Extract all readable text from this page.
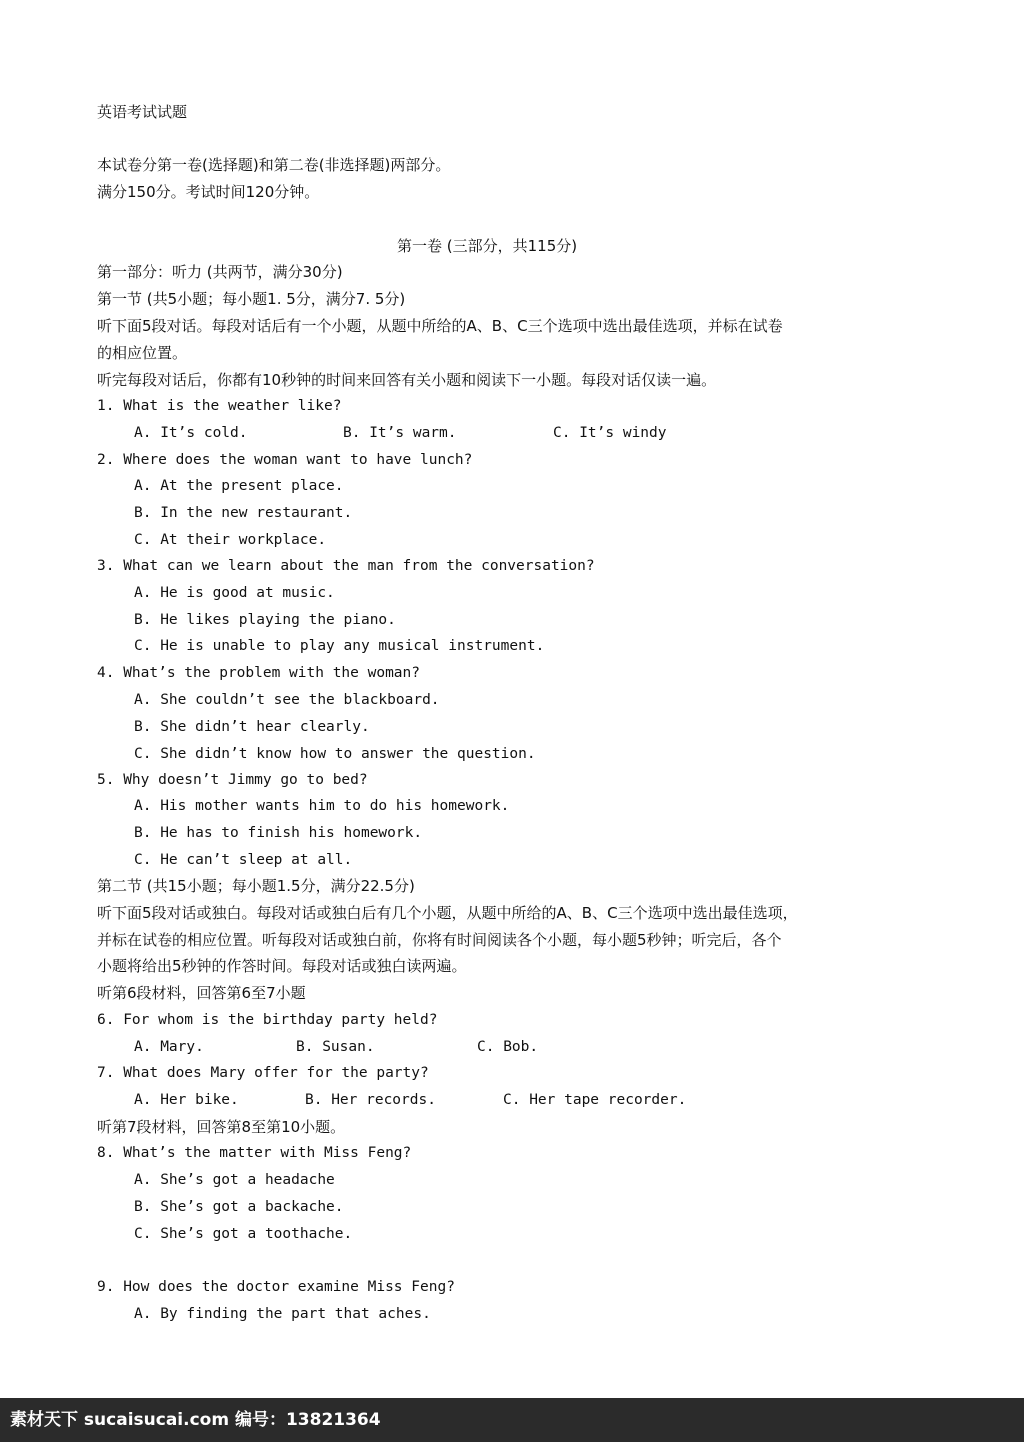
英语考试试题
本试卷分第一卷(选择题)和第二卷(非选择题)两部分。
满分150分。考试时间120分钟。
第一卷 (三部分，共115分)
第一部分：听力 (共两节，满分30分)
第一节 (共5小题；每小题1. 5分，满分7. 5分)
听下面5段对话。每段对话后有一个小题，从题中所给的A、B、C三个选项中选出最佳选项，并标在试卷
的相应位置。
听完每段对话后，你都有10秒钟的时间来回答有关小题和阅读下一小题。每段对话仅读一遍。
1. What is the weather like?
A. It’s cold.	B. It’s warm.	C. It’s windy
2. Where does the woman want to have lunch?
A. At the present place.
B. In the new restaurant.
C. At their workplace.
3. What can we learn about the man from the conversation?
A. He is good at music.
B. He likes playing the piano.
C. He is unable to play any musical instrument.
4. What’s the problem with the woman?
A. She couldn’t see the blackboard.
B. She didn’t hear clearly.
C. She didn’t know how to answer the question.
5. Why doesn’t Jimmy go to bed?
A. His mother wants him to do his homework.
B. He has to finish his homework.
C. He can’t sleep at all.
第二节 (共15小题；每小题1.5分，满分22.5分)
听下面5段对话或独白。每段对话或独白后有几个小题，从题中所给的A、B、C三个选项中选出最佳选项，
并标在试卷的相应位置。听每段对话或独白前，你将有时间阅读各个小题，每小题5秒钟；听完后，各个
小题将给出5秒钟的作答时间。每段对话或独白读两遍。
听第6段材料，回答第6至7小题
6. For whom is the birthday party held?
A. Mary.	B. Susan.	C. Bob.
7. What does Mary offer for the party?
A. Her bike.	B. Her records.	C. Her tape recorder.
听第7段材料，回答第8至第10小题。
8. What’s the matter with Miss Feng?
A. She’s got a headache
B. She’s got a backache.
C. She’s got a toothache.
9. How does the doctor examine Miss Feng?
A. By finding the part that aches.
素材天下 sucaisucai.com 编号：13821364
